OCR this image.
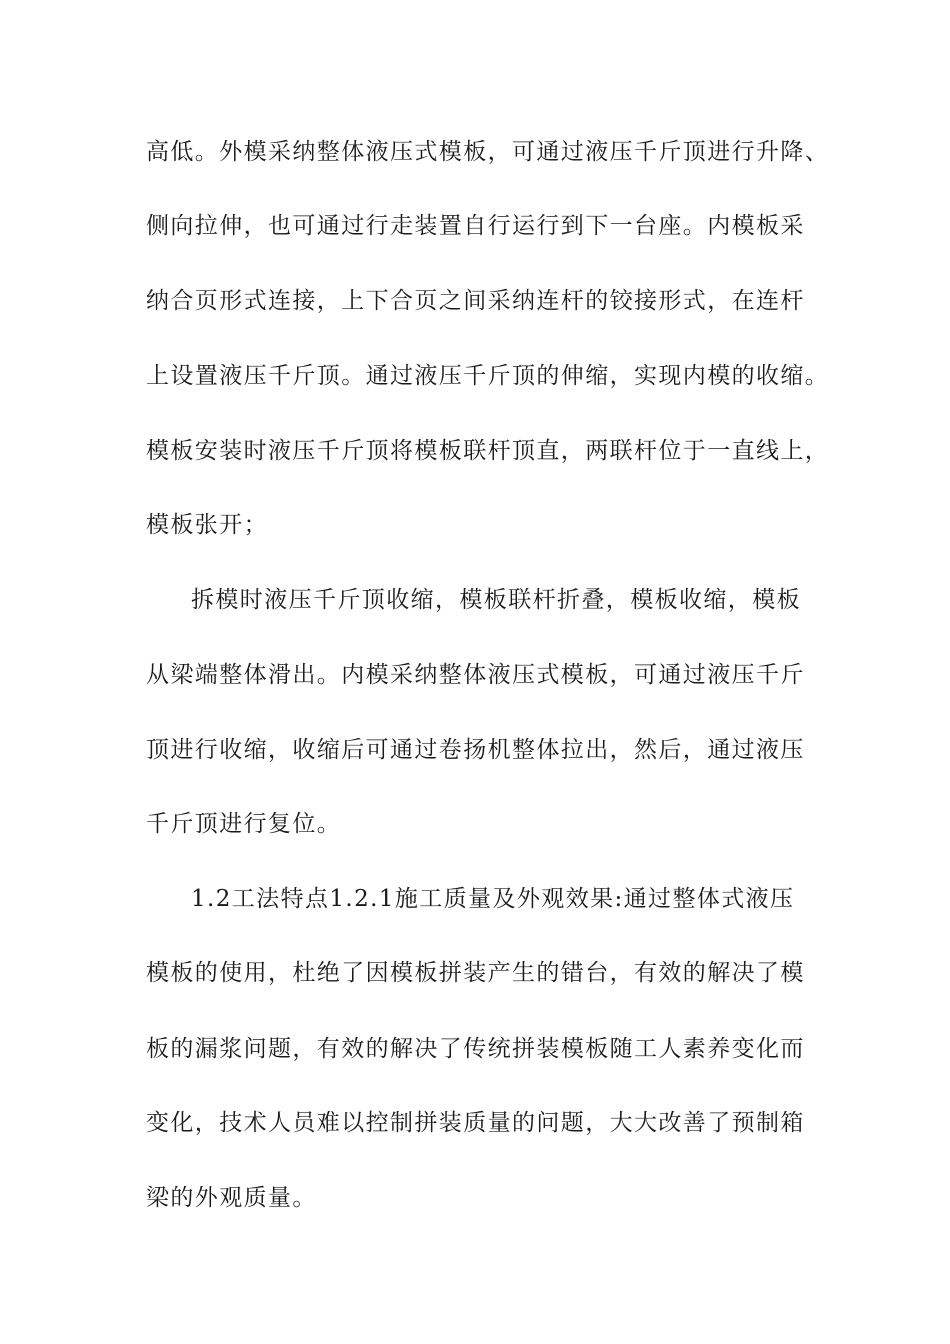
高低。外模采纳整体液压式模板，可通过液压千斤顶进行升降、
侧向拉伸，也可通过行走装置自行运行到下一台座。内模板采
纳合页形式连接，上下合页之间采纳连杆的铰接形式，在连杆
上设置液压千斤顶。通过液压千斤顶的伸缩，实现内模的收缩。
模板安装时液压千斤顶将模板联杆顶直，两联杆位于一直线上，
模板张开；
拆模时液压千斤顶收缩，模板联杆折叠，模板收缩，模板
从梁端整体滑出。内模采纳整体液压式模板，可通过液压千斤
顶进行收缩，收缩后可通过卷扬机整体拉出，然后，通过液压
千斤顶进行复位。
1.2工法特点1.2.1施工质量及外观效果:通过整体式液压
模板的使用，杜绝了因模板拼装产生的错台，有效的解决了模
板的漏浆问题，有效的解决了传统拼装模板随工人素养变化而
变化，技术人员难以控制拼装质量的问题，大大改善了预制箱
梁的外观质量。
